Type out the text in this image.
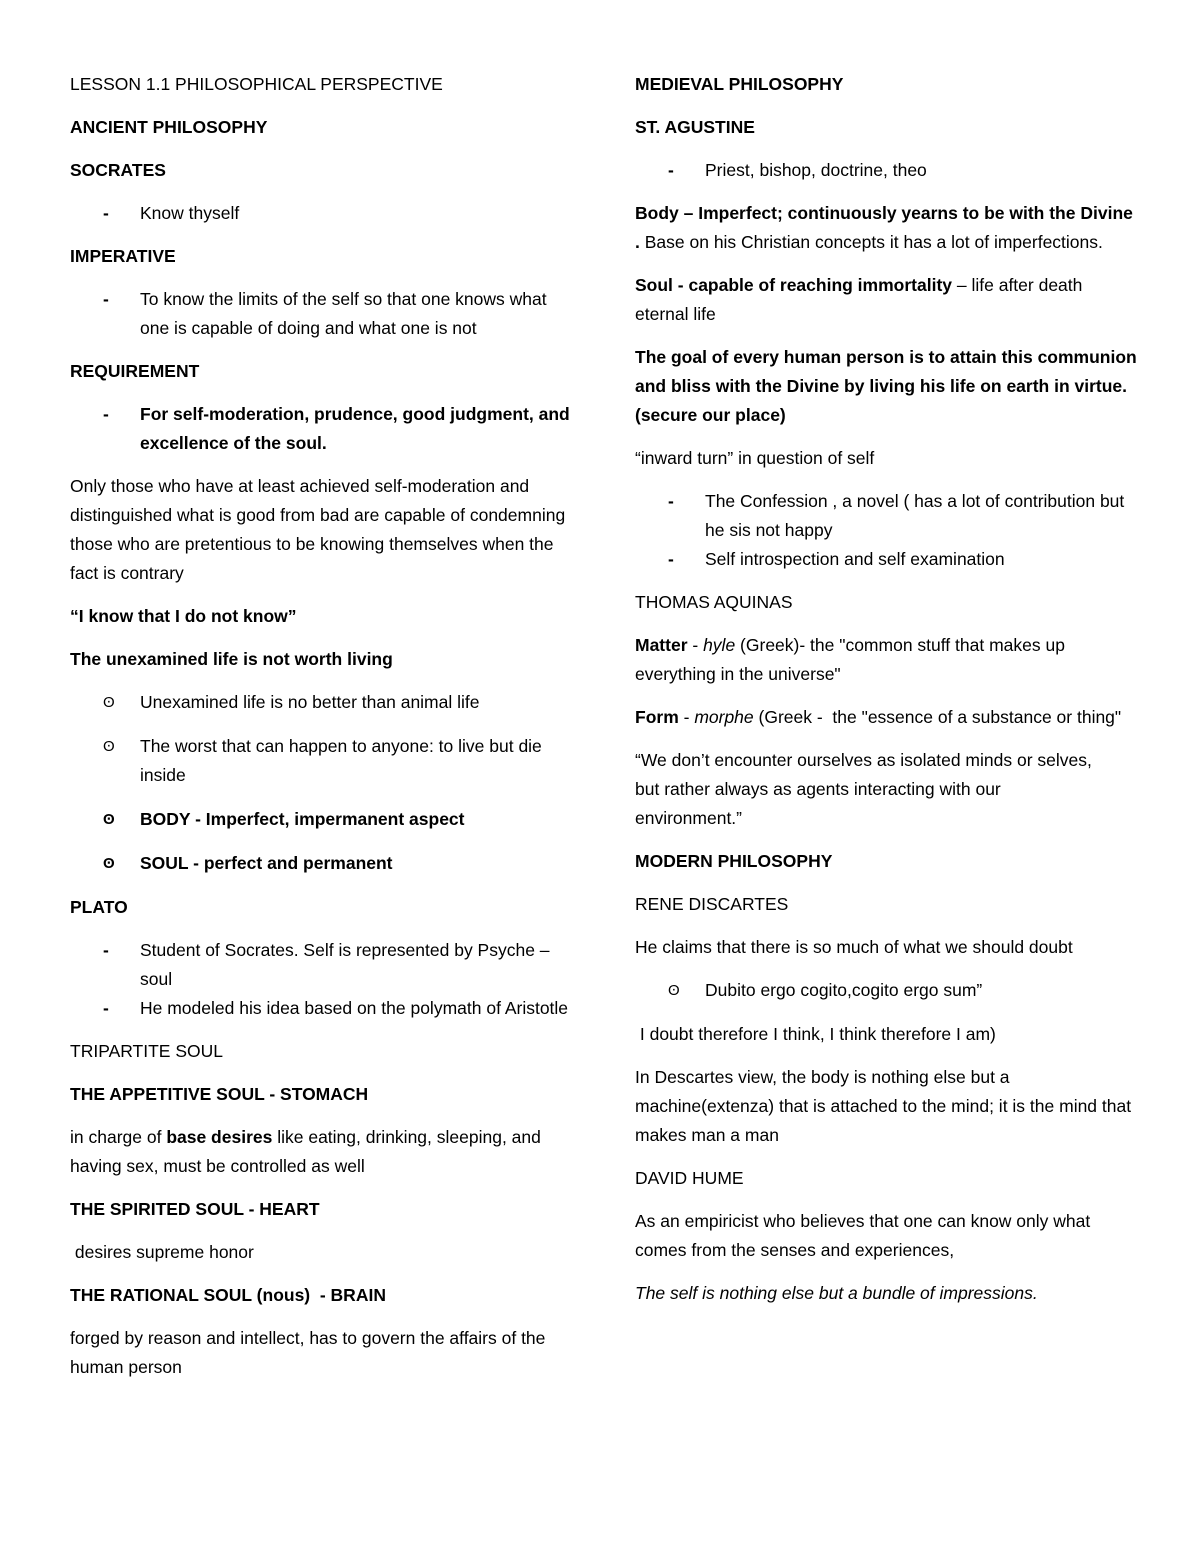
LESSON 1.1 PHILOSOPHICAL PERSPECTIVE

ANCIENT PHILOSOPHY

SOCRATES

- Know thyself

IMPERATIVE

- To know the limits of the self so that one knows what one is capable of doing and what one is not

REQUIREMENT

- For self-moderation, prudence, good judgment, and excellence of the soul.

Only those who have at least achieved self-moderation and distinguished what is good from bad are capable of condemning those who are pretentious to be knowing themselves when the fact is contrary

“I know that I do not know”

The unexamined life is not worth living

ʘ Unexamined life is no better than animal life
ʘ The worst that can happen to anyone: to live but die inside
ʘ BODY - Imperfect, impermanent aspect
ʘ SOUL - perfect and permanent

PLATO

- Student of Socrates. Self is represented by Psyche – soul
- He modeled his idea based on the polymath of Aristotle

TRIPARTITE SOUL

THE APPETITIVE SOUL - STOMACH

in charge of base desires like eating, drinking, sleeping, and having sex, must be controlled as well

THE SPIRITED SOUL - HEART

desires supreme honor

THE RATIONAL SOUL (nous)  - BRAIN

forged by reason and intellect, has to govern the affairs of the human person

MEDIEVAL PHILOSOPHY

ST. AGUSTINE

- Priest, bishop, doctrine, theo

Body – Imperfect; continuously yearns to be with the Divine . Base on his Christian concepts it has a lot of imperfections.

Soul - capable of reaching immortality – life after death eternal life

The goal of every human person is to attain this communion and bliss with the Divine by living his life on earth in virtue. (secure our place)

“inward turn” in question of self

- The Confession , a novel ( has a lot of contribution but he sis not happy
- Self introspection and self examination

THOMAS AQUINAS

Matter - hyle (Greek)- the "common stuff that makes up everything in the universe"

Form - morphe (Greek -  the "essence of a substance or thing"

“We don’t encounter ourselves as isolated minds or selves, but rather always as agents interacting with our environment.”

MODERN PHILOSOPHY

RENE DISCARTES

He claims that there is so much of what we should doubt

ʘ Dubito ergo cogito,cogito ergo sum”

I doubt therefore I think, I think therefore I am)

In Descartes view, the body is nothing else but a machine(extenza) that is attached to the mind; it is the mind that makes man a man

DAVID HUME

As an empiricist who believes that one can know only what comes from the senses and experiences,

The self is nothing else but a bundle of impressions.
